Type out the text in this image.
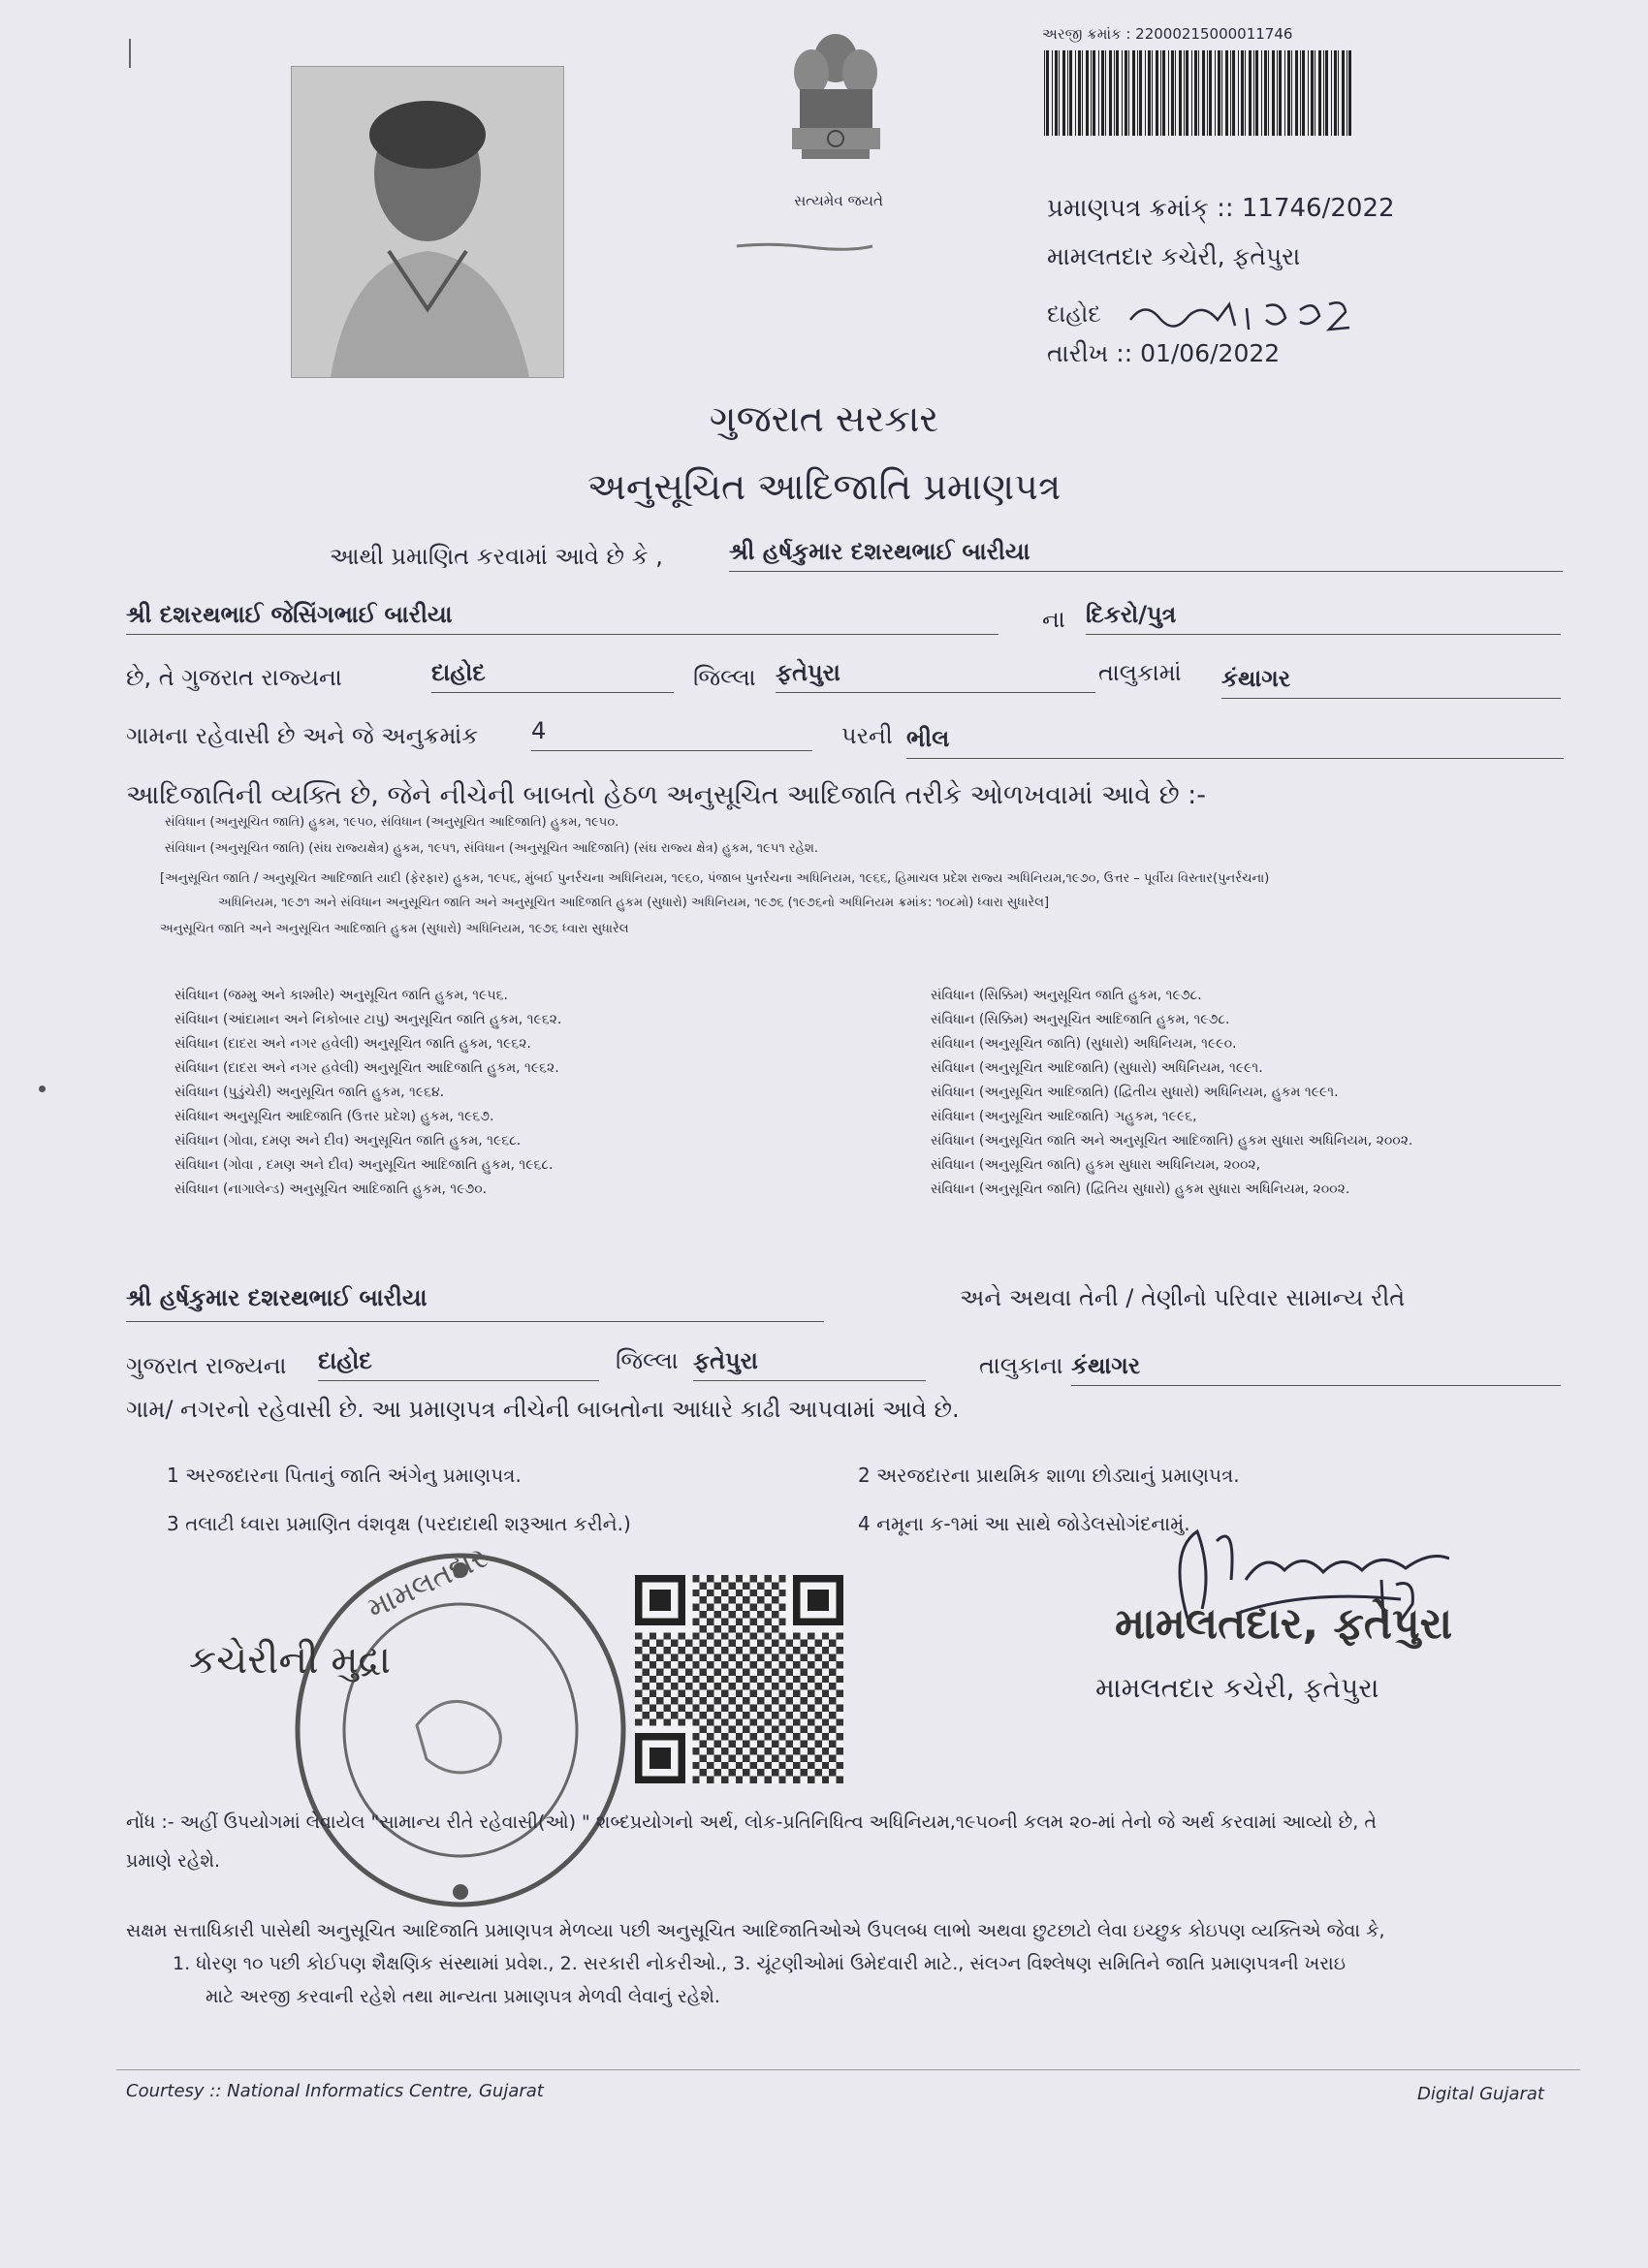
સત્યમેવ જયતે
અરજી ક્રમાંક : 22000215000011746
પ્રમાણપત્ર ક્રમાંક્ :: 11746/2022
મામલતદાર કચેરી, ફતેપુરા
દાહોદ
તારીખ :: 01/06/2022
ગુજરાત સરકાર
અનુસૂચિત આદિજાતિ પ્રમાણપત્ર
આથી પ્રમાણિત કરવામાં આવે છે કે ,	શ્રી હર્ષકુમાર દશરથભાઈ બારીયા
શ્રી દશરથભાઈ જેસિંગભાઈ બારીયા	ના દિકરો/પુત્ર
છે, તે ગુજરાત રાજ્યના	દાહોદ	જિલ્લા ફતેપુરા	તાલુકામાં કંથાગર
ગામના રહેવાસી છે અને જે અનુક્રમાંક 4	પરની ભીલ
આદિજાતિની વ્યક્તિ છે, જેને નીચેની બાબતો હેઠળ અનુસૂચિત આદિજાતિ તરીકે ઓળખવામાં આવે છે :-
સંવિધાન (અનુસૂચિત જાતિ) હુકમ, ૧૯૫૦, સંવિધાન (અનુસૂચિત આદિજાતિ) હુકમ, ૧૯૫૦.
સંવિધાન (અનુસૂચિત જાતિ) (સંઘ રાજ્યક્ષેત્ર) હુકમ, ૧૯૫૧, સંવિધાન (અનુસૂચિત આદિજાતિ) (સંઘ રાજ્ય ક્ષેત્ર) હુકમ, ૧૯૫૧ રહેશ.
[અનુસૂચિત જાતિ / અનુસૂચિત આદિજાતિ યાદી (ફેરફાર) હુકમ, ૧૯૫૬, મુંબઈ પુનર્રચના અધિનિયમ, ૧૯૬૦, પંજાબ પુનર્રચના અધિનિયમ, ૧૯૬૬, હિમાચલ પ્રદેશ રાજ્ય અધિનિયમ,૧૯૭૦, ઉત્તર – પૂર્વીય વિસ્તાર(પુનર્રચના)
અધિનિયમ, ૧૯૭૧ અને સંવિધાન અનુસૂચિત જાતિ અને અનુસૂચિત આદિજાતિ હુકમ (સુધારો) અધિનિયમ, ૧૯૭૬ (૧૯૭૬નો અધિનિયમ ક્રમાંક: ૧૦૮મો) ધ્વારા સુધારેલ]
અનુસૂચિત જાતિ અને અનુસૂચિત આદિજાતિ હુકમ (સુધારો) અધિનિયમ, ૧૯૭૬ ધ્વારા સુધારેલ
સંવિધાન (જમ્મુ અને કાશ્મીર) અનુસૂચિત જાતિ હુકમ, ૧૯૫૬.
સંવિધાન (આંદામાન અને નિકોબાર ટાપુ) અનુસૂચિત જાતિ હુકમ, ૧૯૬૨.
સંવિધાન (દાદરા અને નગર હવેલી) અનુસૂચિત જાતિ હુકમ, ૧૯૬૨.
સંવિધાન (દાદરા અને નગર હવેલી) અનુસૂચિત આદિજાતિ હુકમ, ૧૯૬૨.
સંવિધાન (પુડુંચેરી) અનુસૂચિત જાતિ હુકમ, ૧૯૬૪.
સંવિધાન અનુસૂચિત આદિજાતિ (ઉત્તર પ્રદેશ) હુકમ, ૧૯૬૭.
સંવિધાન (ગોવા, દમણ અને દીવ) અનુસૂચિત જાતિ હુકમ, ૧૯૬૮.
સંવિધાન (ગોવા , દમણ અને દીવ) અનુસૂચિત આદિજાતિ હુકમ, ૧૯૬૮.
સંવિધાન (નાગાલેન્ડ) અનુસૂચિત આદિજાતિ હુકમ, ૧૯૭૦.
સંવિધાન (સિક્કિમ) અનુસૂચિત જાતિ હુકમ, ૧૯૭૮.
સંવિધાન (સિક્કિમ) અનુસૂચિત આદિજાતિ હુકમ, ૧૯૭૮.
સંવિધાન (અનુસૂચિત જાતિ) (સુધારો) અધિનિયમ, ૧૯૯૦.
સંવિધાન (અનુસૂચિત આદિજાતિ) (સુધારો) અધિનિયમ, ૧૯૯૧.
સંવિધાન (અનુસૂચિત આદિજાતિ) (દ્વિતીય સુધારો) અધિનિયમ, હુકમ ૧૯૯૧.
સંવિધાન (અનુસૂચિત આદિજાતિ) ઞહુકમ, ૧૯૯૬,
સંવિધાન (અનુસૂચિત જાતિ અને અનુસૂચિત આદિજાતિ) હુકમ સુધારા અધિનિયમ, ૨૦૦૨.
સંવિધાન (અનુસૂચિત જાતિ) હુકમ સુધારા અધિનિયમ, ૨૦૦૨,
સંવિધાન (અનુસૂચિત જાતિ) (દ્વિતિય સુધારો) હુકમ સુધારા અધિનિયમ, ૨૦૦૨.
શ્રી હર્ષકુમાર દશરથભાઈ બારીયા	અને અથવા તેની / તેણીનો પરિવાર સામાન્ય રીતે
ગુજરાત રાજ્યના દાહોદ	જિલ્લા ફતેપુરા	તાલુકાના કંથાગર
ગામ/ નગરનો રહેવાસી છે. આ પ્રમાણપત્ર નીચેની બાબતોના આધારે કાઢી આપવામાં આવે છે.
1 અરજદારના પિતાનું જાતિ અંગેનુ પ્રમાણપત્ર.	2 અરજદારના પ્રાથમિક શાળા છોડ્યાનું પ્રમાણપત્ર.
3 તલાટી ધ્વારા પ્રમાણિત વંશવૃક્ષ (પરદાદાથી શરૂઆત કરીને.)	4 નમૂના ક-૧માં આ સાથે જોડેલસોગંદનામું.
મામલતદાર
કચેરીની મુદ્રા
મામલતદાર, ફતેપુરા
મામલતદાર કચેરી, ફતેપુરા
નોંધ :- અહીં ઉપયોગમાં લેવાયેલ "સામાન્ય રીતે રહેવાસી(ઓ) " શબ્દપ્રયોગનો અર્થ, લોક-પ્રતિનિધિત્વ અધિનિયમ,૧૯૫૦ની કલમ ૨૦-માં તેનો જે અર્થ કરવામાં આવ્યો છે, તે
પ્રમાણે રહેશે.
સક્ષમ સત્તાધિકારી પાસેથી અનુસૂચિત આદિજાતિ પ્રમાણપત્ર મેળવ્યા પછી અનુસૂચિત આદિજાતિઓએ ઉપલબ્ધ લાભો અથવા છુટછાટો લેવા ઇચ્છુક કોઇપણ વ્યક્તિએ જેવા કે,
1. ધોરણ ૧૦ પછી કોઈપણ શૈક્ષણિક સંસ્થામાં પ્રવેશ., 2. સરકારી નોકરીઓ., 3. ચૂંટણીઓમાં ઉમેદવારી માટે., સંલગ્ન વિશ્લેષણ સમિતિને જાતિ પ્રમાણપત્રની ખરાઇ
માટે અરજી કરવાની રહેશે તથા માન્યતા પ્રમાણપત્ર મેળવી લેવાનું રહેશે.
Courtesy :: National Informatics Centre, Gujarat	Digital Gujarat
